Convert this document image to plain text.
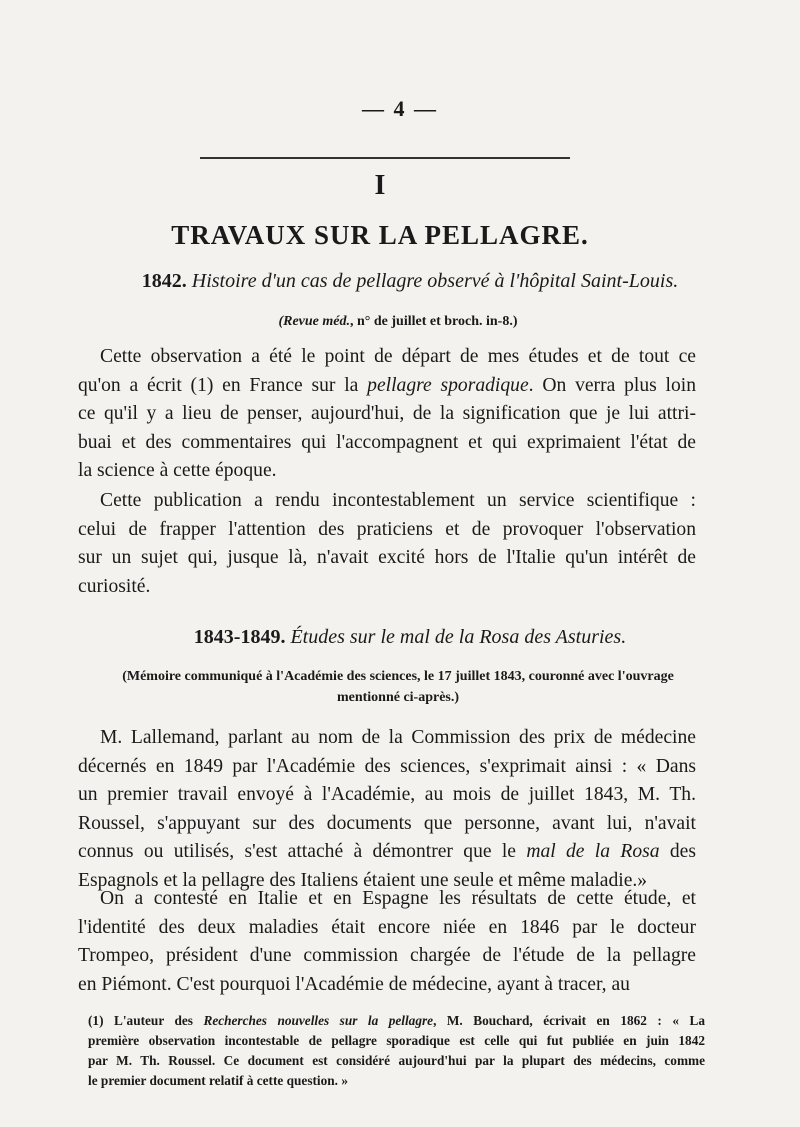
— 4 —
I
TRAVAUX SUR LA PELLAGRE.
1842. Histoire d'un cas de pellagre observé à l'hôpital Saint-Louis.
(Revue méd., n° de juillet et broch. in-8.)
Cette observation a été le point de départ de mes études et de tout ce
qu'on a écrit (1) en France sur la pellagre sporadique. On verra plus loin
ce qu'il y a lieu de penser, aujourd'hui, de la signification que je lui attri-
buai et des commentaires qui l'accompagnent et qui exprimaient l'état de
la science à cette époque.
Cette publication a rendu incontestablement un service scientifique :
celui de frapper l'attention des praticiens et de provoquer l'observation
sur un sujet qui, jusque là, n'avait excité hors de l'Italie qu'un intérêt de
curiosité.
1843-1849. Études sur le mal de la Rosa des Asturies.
(Mémoire communiqué à l'Académie des sciences, le 17 juillet 1843, couronné avec l'ouvrage
mentionné ci-après.)
M. Lallemand, parlant au nom de la Commission des prix de médecine
décernés en 1849 par l'Académie des sciences, s'exprimait ainsi : « Dans
un premier travail envoyé à l'Académie, au mois de juillet 1843, M. Th.
Roussel, s'appuyant sur des documents que personne, avant lui, n'avait
connus ou utilisés, s'est attaché à démontrer que le mal de la Rosa des
Espagnols et la pellagre des Italiens étaient une seule et même maladie.»
On a contesté en Italie et en Espagne les résultats de cette étude, et
l'identité des deux maladies était encore niée en 1846 par le docteur
Trompeo, président d'une commission chargée de l'étude de la pellagre
en Piémont. C'est pourquoi l'Académie de médecine, ayant à tracer, au
(1) L'auteur des Recherches nouvelles sur la pellagre, M. Bouchard, écrivait en 1862 : « La
première observation incontestable de pellagre sporadique est celle qui fut publiée en juin 1842
par M. Th. Roussel. Ce document est considéré aujourd'hui par la plupart des médecins, comme
le premier document relatif à cette question. »
